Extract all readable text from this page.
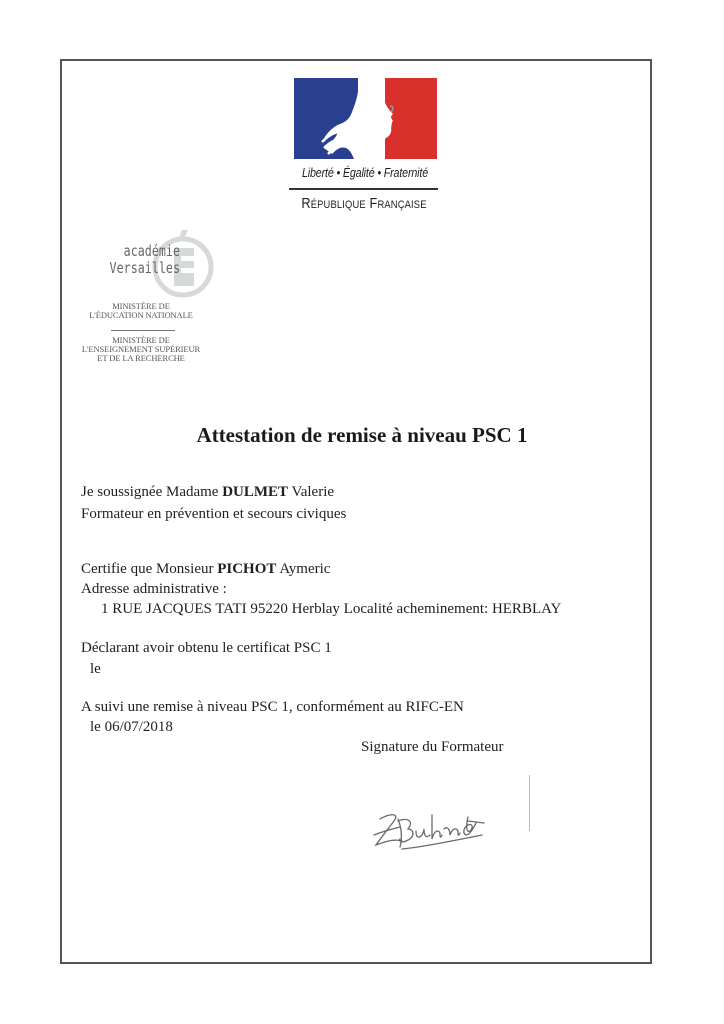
Liberté • Égalité • Fraternité
République Française
académie
Versailles
MINISTÈRE DE
L'ÉDUCATION NATIONALE
MINISTÈRE DE
L'ENSEIGNEMENT SUPÉRIEUR
ET DE LA RECHERCHE
Attestation de remise à niveau PSC 1
Je soussignée Madame DULMET Valerie
Formateur en prévention et secours civiques
Certifie que Monsieur PICHOT Aymeric
Adresse administrative :
1 RUE JACQUES TATI 95220 Herblay Localité acheminement: HERBLAY
Déclarant avoir obtenu le certificat PSC 1
le
A suivi une remise à niveau PSC 1, conformément au RIFC-EN
le 06/07/2018
Signature du Formateur
